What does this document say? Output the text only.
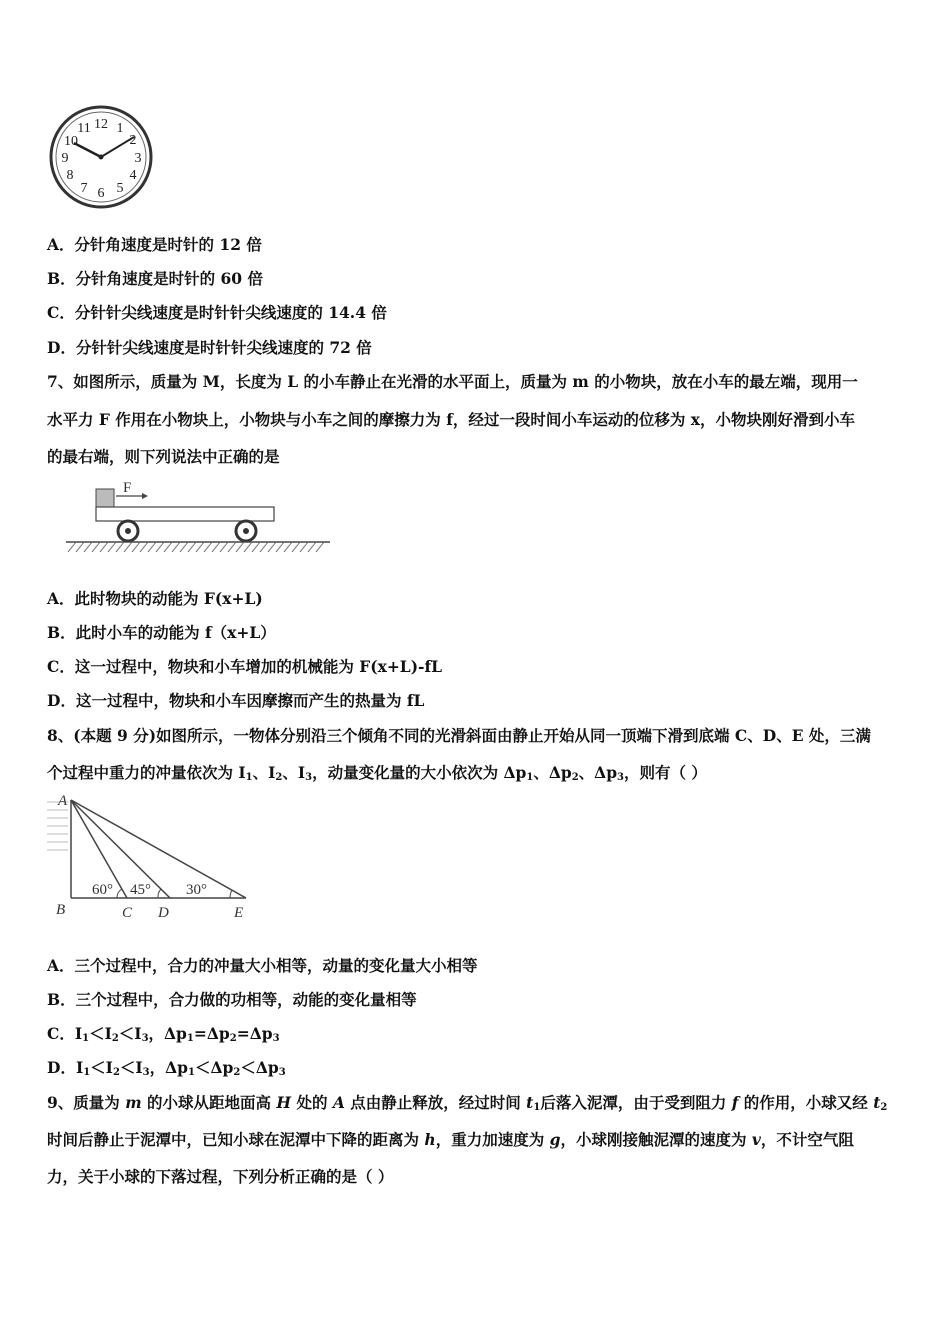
12 1
2
3
4
5
6
7
8
9
10
11
A．分针角速度是时针的 12 倍
B．分针角速度是时针的 60 倍
C．分针针尖线速度是时针针尖线速度的 14.4 倍
D．分针针尖线速度是时针针尖线速度的 72 倍
7、如图所示，质量为 M，长度为 L 的小车静止在光滑的水平面上，质量为 m 的小物块，放在小车的最左端，现用一
水平力 F 作用在小物块上，小物块与小车之间的摩擦力为 f，经过一段时间小车运动的位移为 x，小物块刚好滑到小车
的最右端，则下列说法中正确的是
F
A．此时物块的动能为 F(x+L)
B．此时小车的动能为 f（x+L）
C．这一过程中，物块和小车增加的机械能为 F(x+L)-fL
D．这一过程中，物块和小车因摩擦而产生的热量为 fL
8、(本题 9 分)如图所示，一物体分别沿三个倾角不同的光滑斜面由静止开始从同一顶端下滑到底端 C、D、E 处，三满
个过程中重力的冲量依次为 $I_1$、$I_2$、$I_3$，动量变化量的大小依次为 $\Delta p_1$、$\Delta p_2$、$\Delta p_3$，则有（ ）
A
B	C D	E
60° 45° 30°
A．三个过程中，合力的冲量大小相等，动量的变化量大小相等
B．三个过程中，合力做的功相等，动能的变化量相等
C．$I_1<I_2<I_3$，$\Delta p_1=\Delta p_2=\Delta p_3$
D．$I_1<I_2<I_3$，$\Delta p_1<\Delta p_2<\Delta p_3$
9、质量为 m 的小球从距地面高 H 处的 A 点由静止释放，经过时间 $t_1$后落入泥潭，由于受到阻力 f 的作用，小球又经 $t_2$
时间后静止于泥潭中，已知小球在泥潭中下降的距离为 h，重力加速度为 g，小球刚接触泥潭的速度为 v，不计空气阻
力，关于小球的下落过程，下列分析正确的是（ ）
